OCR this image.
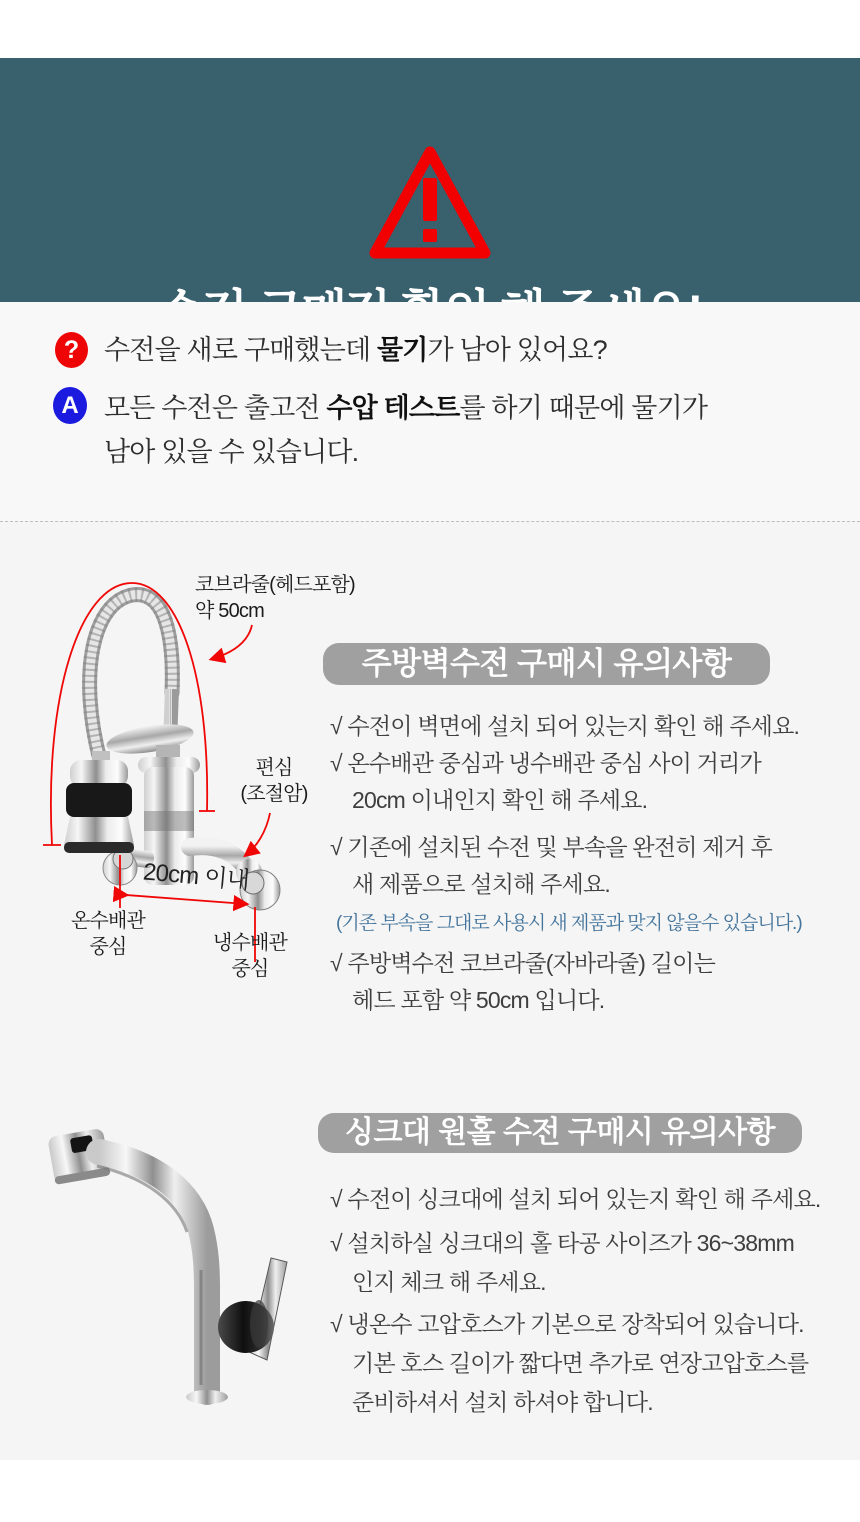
? 수전을 새로 구매했는데 물기가 남아 있어요?
A 모든 수전은 출고전 수압 테스트를 하기 때문에 물기가
남아 있을 수 있습니다.
코브라줄(헤드포함)
약 50cm
편심
(조절암)
20cm 이내
온수배관
중심	냉수배관
중심
주방벽수전 구매시 유의사항
√ 수전이 벽면에 설치 되어 있는지 확인 해 주세요.
√ 온수배관 중심과 냉수배관 중심 사이 거리가
20cm 이내인지 확인 해 주세요.
√ 기존에 설치된 수전 및 부속을 완전히 제거 후
새 제품으로 설치해 주세요.
(기존 부속을 그대로 사용시 새 제품과 맞지 않을수 있습니다.)
√ 주방벽수전 코브라줄(자바라줄) 길이는
헤드 포함 약 50cm 입니다.
싱크대 원홀 수전 구매시 유의사항
√ 수전이 싱크대에 설치 되어 있는지 확인 해 주세요.
√ 설치하실 싱크대의 홀 타공 사이즈가 36~38mm
인지 체크 해 주세요.
√ 냉온수 고압호스가 기본으로 장착되어 있습니다.
기본 호스 길이가 짧다면 추가로 연장고압호스를
준비하셔서 설치 하셔야 합니다.
